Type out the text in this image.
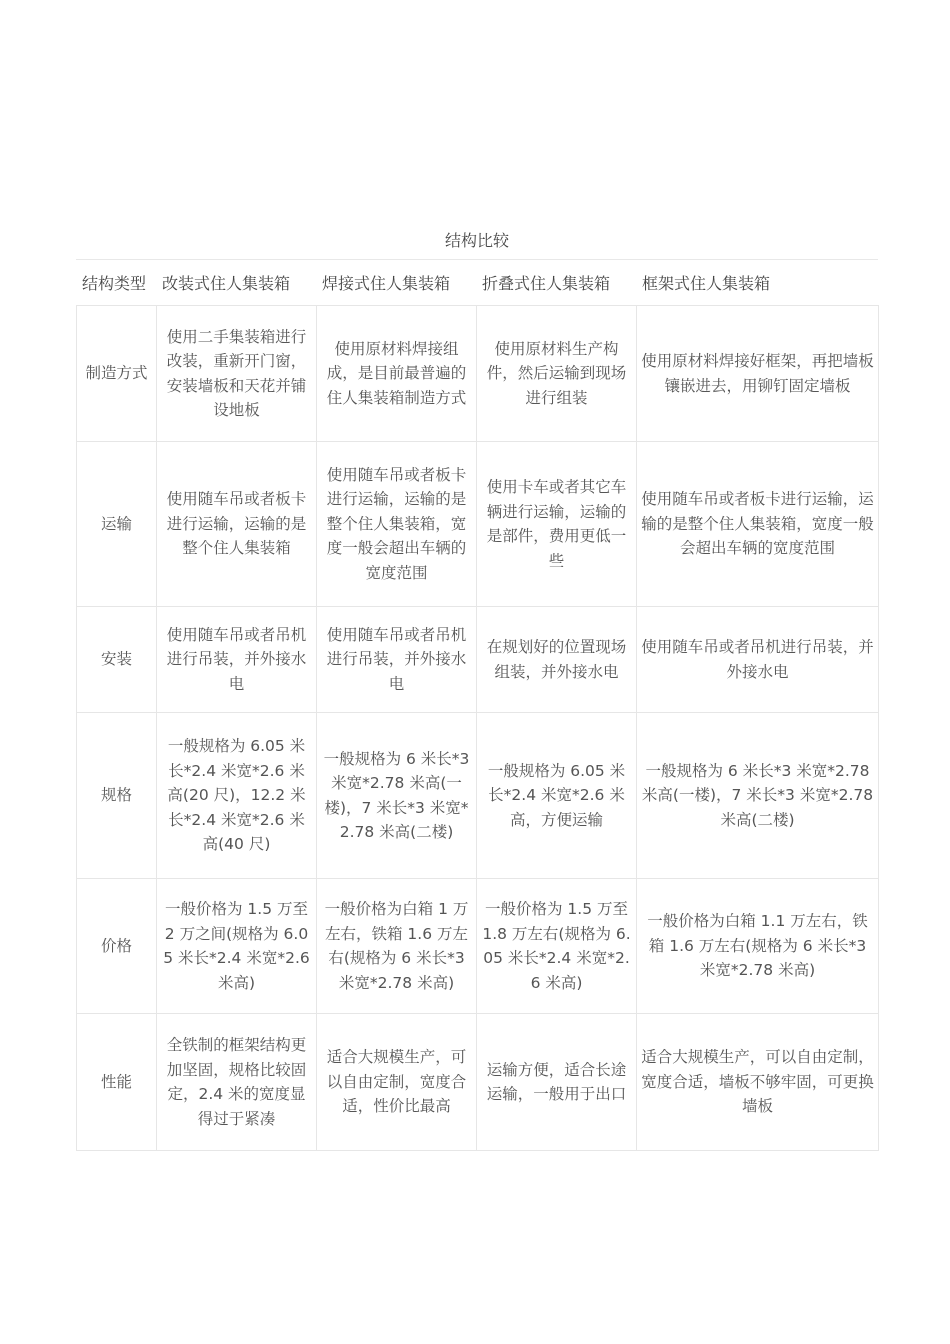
结构比较
结构类型 改装式住人集装箱 焊接式住人集装箱 折叠式住人集装箱 框架式住人集装箱
制造方式	使用二手集装箱进行改装，重新开门窗，安装墙板和天花并铺设地板	使用原材料焊接组成，是目前最普遍的住人集装箱制造方式	使用原材料生产构件，然后运输到现场进行组装	使用原材料焊接好框架，再把墙板镶嵌进去，用铆钉固定墙板
运输	使用随车吊或者板卡进行运输，运输的是整个住人集装箱	使用随车吊或者板卡进行运输，运输的是整个住人集装箱，宽度一般会超出车辆的宽度范围	使用卡车或者其它车辆进行运输，运输的是部件，费用更低一些	使用随车吊或者板卡进行运输，运输的是整个住人集装箱，宽度一般会超出车辆的宽度范围
安装	使用随车吊或者吊机进行吊装，并外接水电	使用随车吊或者吊机进行吊装，并外接水电	在规划好的位置现场组装，并外接水电	使用随车吊或者吊机进行吊装，并外接水电
规格	一般规格为 6.05 米长*2.4 米宽*2.6 米高(20 尺)，12.2 米长*2.4 米宽*2.6 米高(40 尺)	一般规格为 6 米长*3 米宽*2.78 米高(一楼)，7 米长*3 米宽*2.78 米高(二楼)	一般规格为 6.05 米长*2.4 米宽*2.6 米高，方便运输	一般规格为 6 米长*3 米宽*2.78 米高(一楼)，7 米长*3 米宽*2.78 米高(二楼)
价格	一般价格为 1.5 万至 2 万之间(规格为 6.05 米长*2.4 米宽*2.6 米高)	一般价格为白箱 1 万左右，铁箱 1.6 万左右(规格为 6 米长*3 米宽*2.78 米高)	一般价格为 1.5 万至 1.8 万左右(规格为 6.05 米长*2.4 米宽*2.6 米高)	一般价格为白箱 1.1 万左右，铁箱 1.6 万左右(规格为 6 米长*3 米宽*2.78 米高)
性能	全铁制的框架结构更加坚固，规格比较固定，2.4 米的宽度显得过于紧凑	适合大规模生产，可以自由定制，宽度合适，性价比最高	运输方便，适合长途运输，一般用于出口	适合大规模生产，可以自由定制，宽度合适，墙板不够牢固，可更换墙板
